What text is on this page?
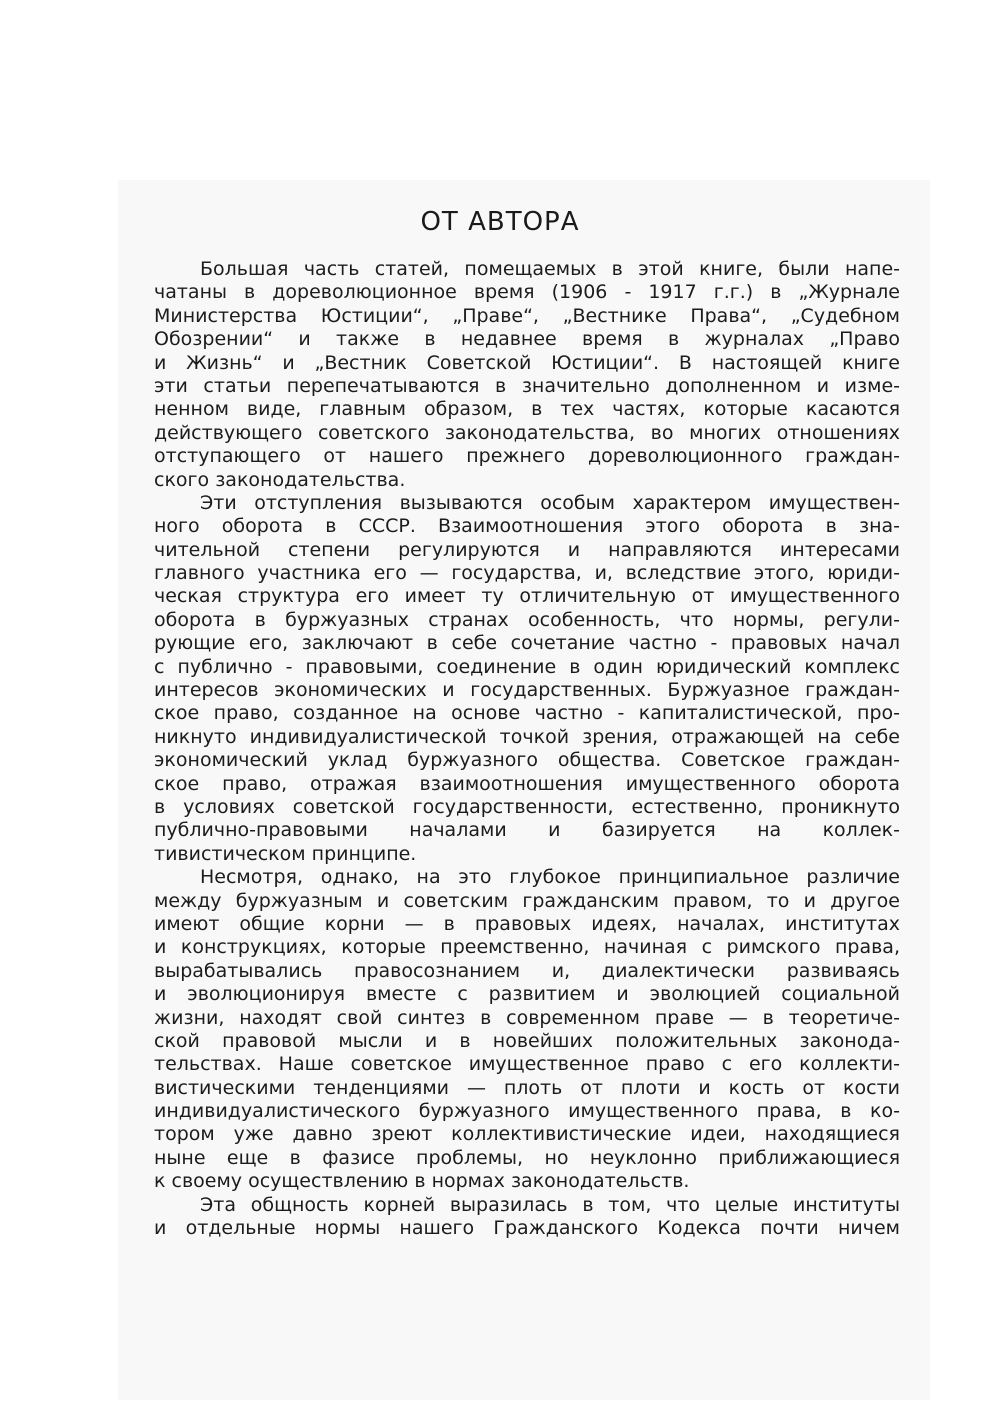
ОТ АВТОРА
Большая часть статей, помещаемых в этой книге, были напе-
чатаны в дореволюционное время (1906 - 1917 г.г.) в „Журнале
Министерства Юстиции“, „Праве“, „Вестнике Права“, „Судебном
Обозрении“ и также в недавнее время в журналах „Право
и Жизнь“ и „Вестник Советской Юстиции“. В настоящей книге
эти статьи перепечатываются в значительно дополненном и изме-
ненном виде, главным образом, в тех частях, которые касаются
действующего советского законодательства, во многих отношениях
отступающего от нашего прежнего дореволюционного граждан-
ского законодательства.
Эти отступления вызываются особым характером имуществен-
ного оборота в СССР. Взаимоотношения этого оборота в зна-
чительной степени регулируются и направляются интересами
главного участника его — государства, и, вследствие этого, юриди-
ческая структура его имеет ту отличительную от имущественного
оборота в буржуазных странах особенность, что нормы, регули-
рующие его, заключают в себе сочетание частно - правовых начал
с публично - правовыми, соединение в один юридический комплекс
интересов экономических и государственных. Буржуазное граждан-
ское право, созданное на основе частно - капиталистической, про-
никнуто индивидуалистической точкой зрения, отражающей на себе
экономический уклад буржуазного общества. Советское граждан-
ское право, отражая взаимоотношения имущественного оборота
в условиях советской государственности, естественно, проникнуто
публично-правовыми началами и базируется на коллек-
тивистическом принципе.
Несмотря, однако, на это глубокое принципиальное различие
между буржуазным и советским гражданским правом, то и другое
имеют общие корни — в правовых идеях, началах, институтах
и конструкциях, которые преемственно, начиная с римского права,
вырабатывались правосознанием и, диалектически развиваясь
и эволюционируя вместе с развитием и эволюцией социальной
жизни, находят свой синтез в современном праве — в теоретиче-
ской правовой мысли и в новейших положительных законода-
тельствах. Наше советское имущественное право с его коллекти-
вистическими тенденциями — плоть от плоти и кость от кости
индивидуалистического буржуазного имущественного права, в ко-
тором уже давно зреют коллективистические идеи, находящиеся
ныне еще в фазисе проблемы, но неуклонно приближающиеся
к своему осуществлению в нормах законодательств.
Эта общность корней выразилась в том, что целые институты
и отдельные нормы нашего Гражданского Кодекса почти ничем
